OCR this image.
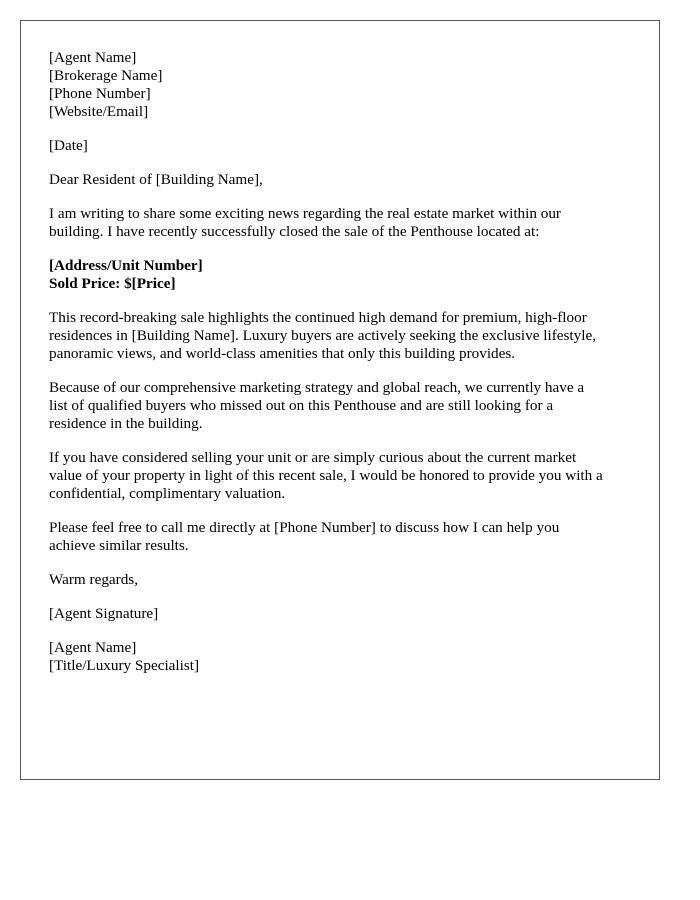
[Agent Name]
[Brokerage Name]
[Phone Number]
[Website/Email]
[Date]
Dear Resident of [Building Name],
I am writing to share some exciting news regarding the real estate market within our
building. I have recently successfully closed the sale of the Penthouse located at:
[Address/Unit Number]
Sold Price: $[Price]
This record-breaking sale highlights the continued high demand for premium, high-floor
residences in [Building Name]. Luxury buyers are actively seeking the exclusive lifestyle,
panoramic views, and world-class amenities that only this building provides.
Because of our comprehensive marketing strategy and global reach, we currently have a
list of qualified buyers who missed out on this Penthouse and are still looking for a
residence in the building.
If you have considered selling your unit or are simply curious about the current market
value of your property in light of this recent sale, I would be honored to provide you with a
confidential, complimentary valuation.
Please feel free to call me directly at [Phone Number] to discuss how I can help you
achieve similar results.
Warm regards,
[Agent Signature]
[Agent Name]
[Title/Luxury Specialist]
